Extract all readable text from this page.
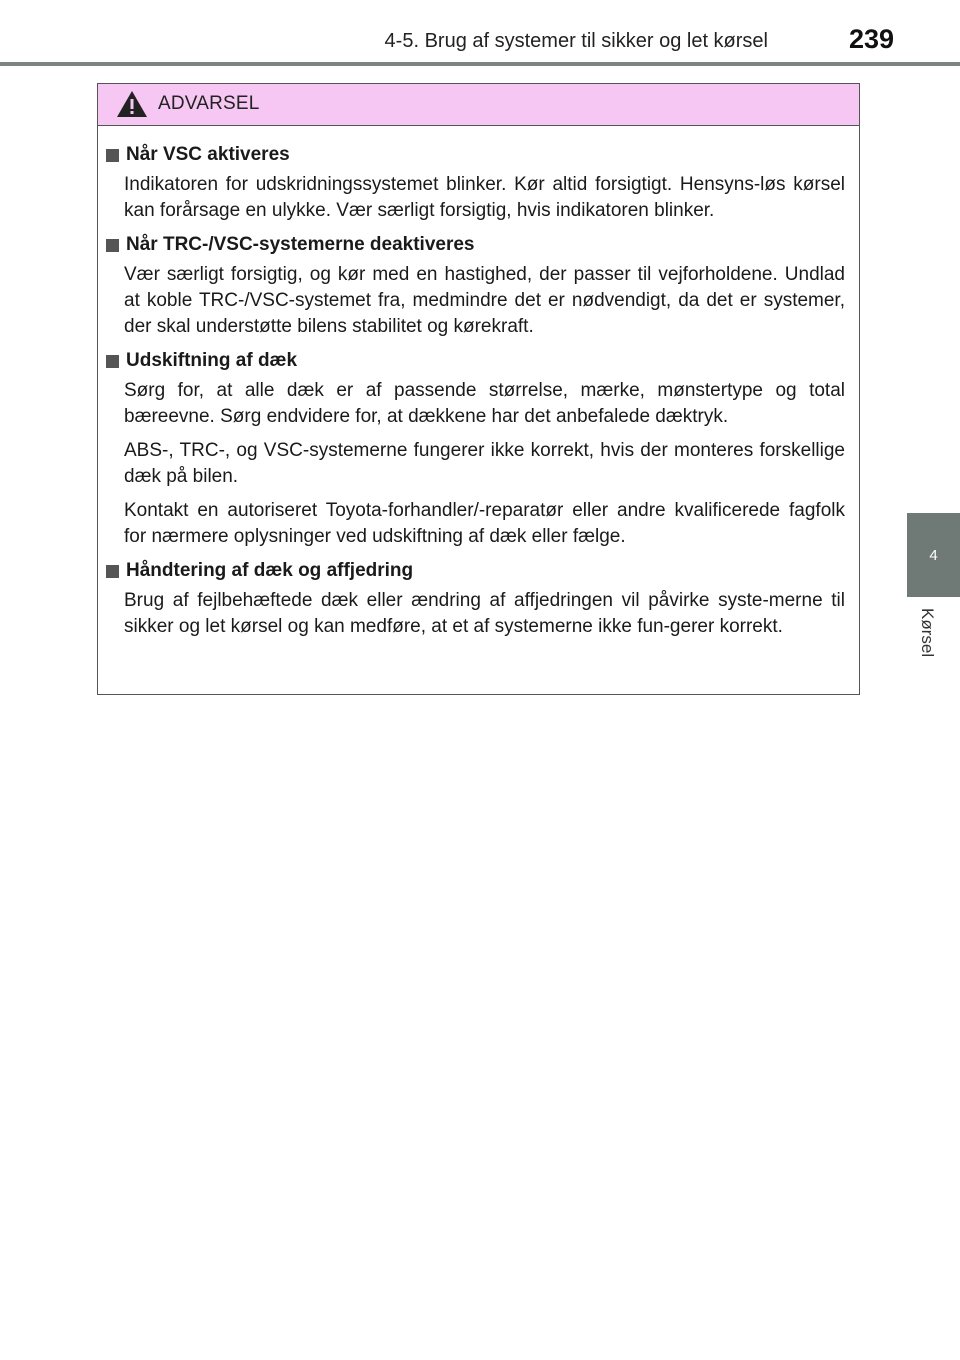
4-5. Brug af systemer til sikker og let kørsel	239
4
Kørsel
ADVARSEL
Når VSC aktiveres
Indikatoren for udskridningssystemet blinker. Kør altid forsigtigt. Hensyns-løs kørsel kan forårsage en ulykke. Vær særligt forsigtig, hvis indikatoren blinker.
Når TRC-/VSC-systemerne deaktiveres
Vær særligt forsigtig, og kør med en hastighed, der passer til vejforholdene. Undlad at koble TRC-/VSC-systemet fra, medmindre det er nødvendigt, da det er systemer, der skal understøtte bilens stabilitet og kørekraft.
Udskiftning af dæk
Sørg for, at alle dæk er af passende størrelse, mærke, mønstertype og total bæreevne. Sørg endvidere for, at dækkene har det anbefalede dæktryk.
ABS-, TRC-, og VSC-systemerne fungerer ikke korrekt, hvis der monteres forskellige dæk på bilen.
Kontakt en autoriseret Toyota-forhandler/-reparatør eller andre kvalificerede fagfolk for nærmere oplysninger ved udskiftning af dæk eller fælge.
Håndtering af dæk og affjedring
Brug af fejlbehæftede dæk eller ændring af affjedringen vil påvirke syste-merne til sikker og let kørsel og kan medføre, at et af systemerne ikke fun-gerer korrekt.
